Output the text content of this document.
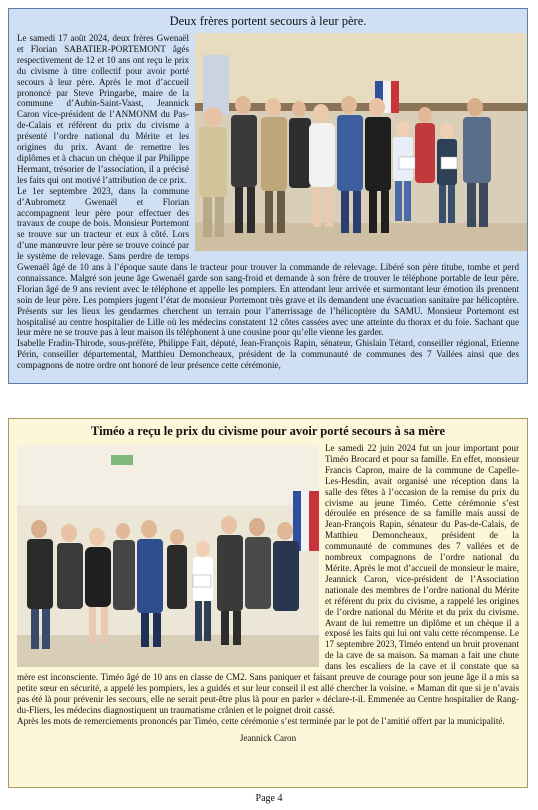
Deux frères portent secours à leur père.

Le samedi 17 août 2024, deux frères Gwenaël et Florian SABATIER-PORTEMONT âgés respectivement de 12 et 10 ans ont reçu le prix du civisme à titre collectif pour avoir porté secours à leur père. Après le mot d’accueil prononcé par Steve Pringarbe, maire de la commune d’Aubin-Saint-Vaast, Jeannick Caron vice-président de l’ANMONM du Pas-de-Calais et référent du prix du civisme a présenté l’ordre national du Mérite et les origines du prix. Avant de remettre les diplômes et à chacun un chèque il par Philippe Hermant, trésorier de l’association, il a précisé les faits qui ont motivé l’attribution de ce prix.

Le 1er septembre 2023, dans la commune d’Aubrometz Gwenaël et Florian accompagnent leur père pour effectuer des travaux de coupe de bois. Monsieur Portemont se trouve sur un tracteur et eux à côté. Lors d’une manœuvre leur père se trouve coincé par le système de relevage. Sans perdre de temps Gwenaël âgé de 10 ans à l’époque saute dans le tracteur pour trouver la commande de relevage. Libéré son père titube, tombe et perd connaissance. Malgré son jeune âge Gwenaël garde son sang-froid et demande à son frère de trouver le téléphone portable de leur père. Florian âgé de 9 ans revient avec le téléphone et appelle les pompiers. En attendant leur arrivée et surmontant leur émotion ils prennent soin de leur père. Les pompiers jugent l’état de monsieur Portemont très grave et ils demandent une évacuation sanitaire par hélicoptère. Présents sur les lieux les gendarmes cherchent un terrain pour l’atterrissage de l’hélicoptère du SAMU. Monsieur Portemont est hospitalisé au centre hospitalier de Lille où les médecins constatent 12 côtes cassées avec une atteinte du thorax et du foie. Sachant que leur mère ne se trouve pas à leur maison ils téléphonent à une cousine pour qu’elle vienne les garder.

Isabelle Fradin-Thirode, sous-préfète, Philippe Fait, député, Jean-François Rapin, sénateur, Ghislain Tétard, conseiller régional, Etienne Périn, conseiller départemental, Matthieu Demoncheaux, président de la communauté de communes des 7 Vallées ainsi que des compagnons de notre ordre ont honoré de leur présence cette cérémonie,

Timéo a reçu le prix du civisme pour avoir porté secours à sa mère

Le samedi 22 juin 2024 fut un jour important pour Timéo Brocard et pour sa famille. En effet, monsieur Francis Capron, maire de la commune de Capelle-Les-Hesdin, avait organisé une réception dans la salle des fêtes à l’occasion de la remise du prix du civisme au jeune Timéo. Cette cérémonie s’est déroulée en présence de sa famille mais aussi de Jean-François Rapin, sénateur du Pas-de-Calais, de Matthieu Demoncheaux, président de la communauté de communes des 7 vallées et de nombreux compagnons de l’ordre national du Mérite. Après le mot d’accueil de monsieur le maire, Jeannick Caron, vice-président de l’Association nationale des membres de l’ordre national du Mérite et référent du prix du civisme, a rappelé les origines de l’ordre national du Mérite et du prix du civisme. Avant de lui remettre un diplôme et un chèque il a exposé les faits qui lui ont valu cette récompense. Le 17 septembre 2023, Timéo entend un bruit provenant de la cave de sa maison. Sa maman a fait une chute dans les escaliers de la cave et il constate que sa mère est inconsciente. Timéo âgé de 10 ans en classe de CM2. Sans paniquer et faisant preuve de courage pour son jeune âge il a mis sa petite sœur en sécurité, a appelé les pompiers, les a guidés et sur leur conseil il est allé chercher la voisine. « Maman dit que si je n’avais pas été là pour prévenir les secours, elle ne serait peut-être plus là pour en parler » déclare-t-il. Emmenée au Centre hospitalier de Rang-du-Fliers, les médecins diagnostiquent un traumatisme crânien et le poignet droit cassé.

Après les mots de remerciements prononcés par Timéo, cette cérémonie s’est terminée par le pot de l’amitié offert par la municipalité.

Jeannick Caron

Page 4
